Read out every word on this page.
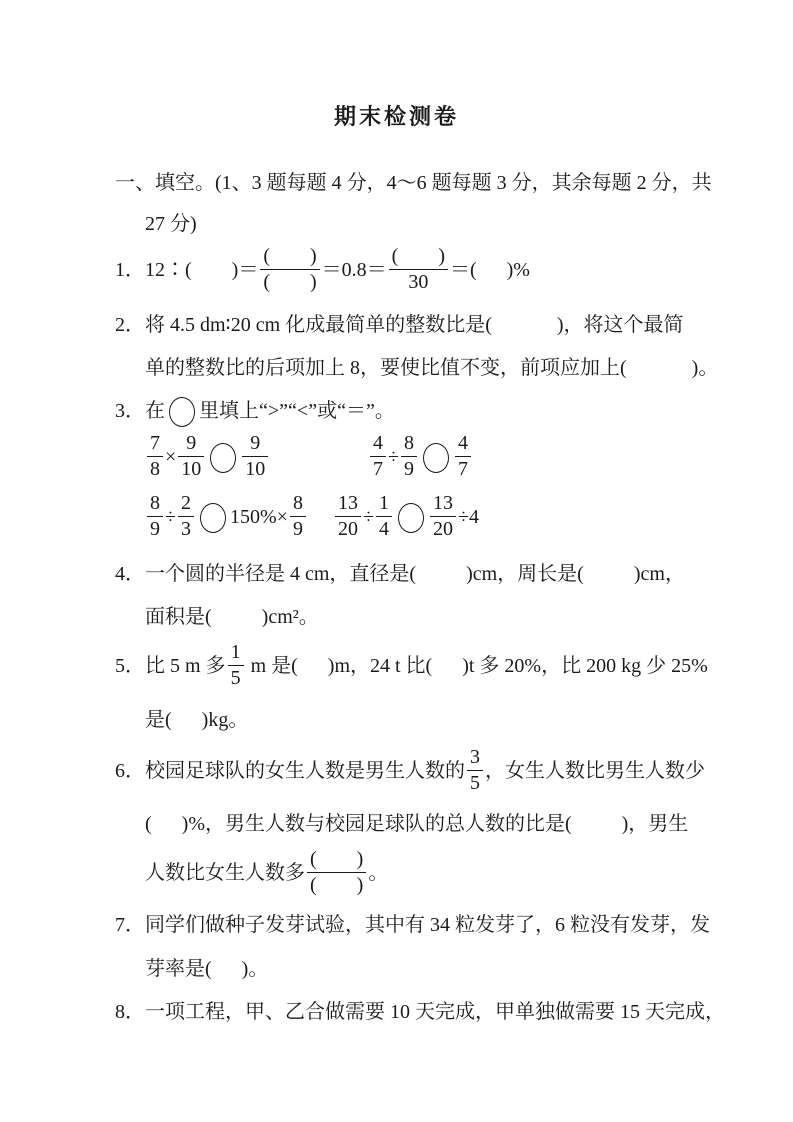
期末检测卷
一、填空。(1、3 题每题 4 分，4～6 题每题 3 分，其余每题 2 分，共
27 分)
1．12∶(        )＝ $\frac{( )}{( )} =0.8= \frac{( )}{30}$ ＝(      )%
2．将 4.5 dm∶20 cm 化成最简单的整数比是(             )，将这个最简
单的整数比的后项加上 8，要使比值不变，前项应加上(             )。
3．在 里填上“>”“<”或“＝”。
$\frac{7}{8} \times \frac{9}{10} \frac{9}{10}$	$\frac{4}{7} \div \frac{8}{9} \frac{4}{7}$
$\frac{8}{9} \div \frac{2}{3} 150\%\times \frac{8}{9} \frac{13}{20} \div \frac{1}{4} \frac{13}{20} \div 4$
4．一个圆的半径是 4 cm，直径是(          )cm，周长是(          )cm，
面积是(          )cm²。
5．比 5 m 多 $\frac{1}{5}$ m 是(      )m，24 t 比(      )t 多 20%，比 200 kg 少 25%
是(      )kg。
6．校园足球队的女生人数是男生人数的 $\frac{3}{5}$ ，女生人数比男生人数少
(      )%，男生人数与校园足球队的总人数的比是(          )，男生
人数比女生人数多 $\frac{( )}{( )}$ 。
7．同学们做种子发芽试验，其中有 34 粒发芽了，6 粒没有发芽，发
芽率是(      )。
8．一项工程，甲、乙合做需要 10 天完成，甲单独做需要 15 天完成，
